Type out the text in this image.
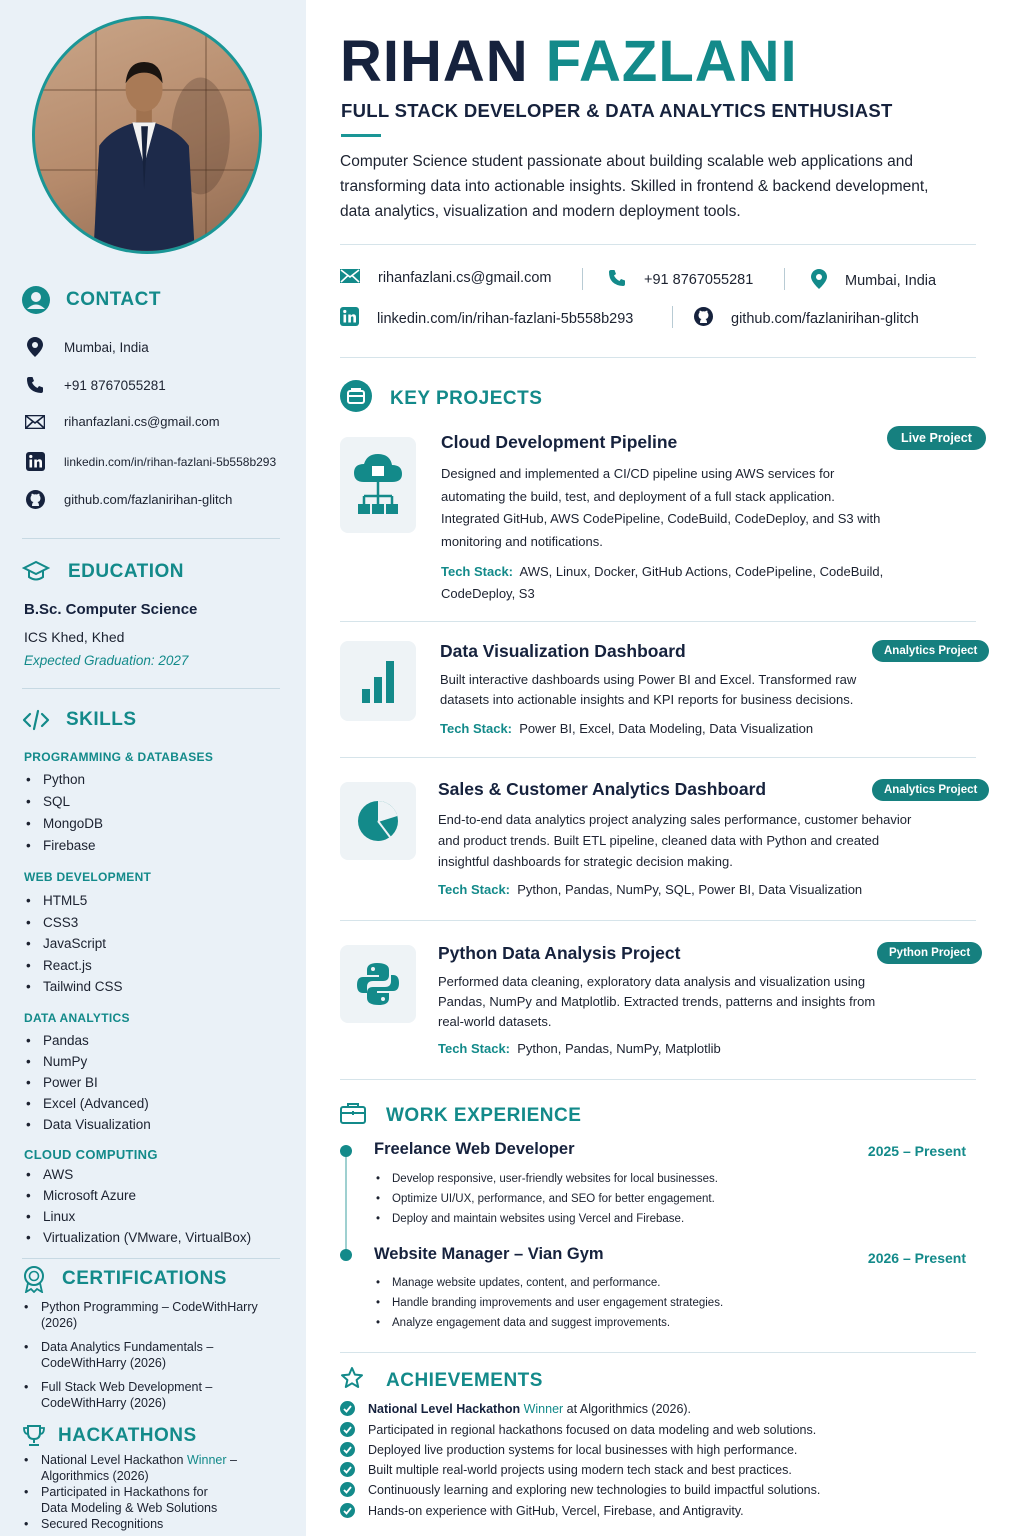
CONTACT
Mumbai, India
+91 8767055281
rihanfazlani.cs@gmail.com
linkedin.com/in/rihan-fazlani-5b558b293
github.com/fazlanirihan-glitch
EDUCATION
B.Sc. Computer Science
ICS Khed, Khed
Expected Graduation: 2027
SKILLS
PROGRAMMING & DATABASES
• Python
• SQL
• MongoDB
• Firebase
WEB DEVELOPMENT
• HTML5
• CSS3
• JavaScript
• React.js
• Tailwind CSS
DATA ANALYTICS
• Pandas
• NumPy
• Power BI
• Excel (Advanced)
• Data Visualization
CLOUD COMPUTING
• AWS
• Microsoft Azure
• Linux
• Virtualization (VMware, VirtualBox)
CERTIFICATIONS
• Python Programming – CodeWithHarry (2026)
• Data Analytics Fundamentals – CodeWithHarry (2026)
• Full Stack Web Development – CodeWithHarry (2026)
HACKATHONS
• National Level Hackathon Winner – Algorithmics (2026)
• Participated in Hackathons for Data Modeling & Web Solutions
• Secured Recognitions
RIHAN FAZLANI
FULL STACK DEVELOPER & DATA ANALYTICS ENTHUSIAST
Computer Science student passionate about building scalable web applications and transforming data into actionable insights. Skilled in frontend & backend development, data analytics, visualization and modern deployment tools.
rihanfazlani.cs@gmail.com	+91 8767055281	Mumbai, India
linkedin.com/in/rihan-fazlani-5b558b293	github.com/fazlanirihan-glitch
KEY PROJECTS
Cloud Development Pipeline	Live Project
Designed and implemented a CI/CD pipeline using AWS services for automating the build, test, and deployment of a full stack application. Integrated GitHub, AWS CodePipeline, CodeBuild, CodeDeploy, and S3 with monitoring and notifications.
Tech Stack: AWS, Linux, Docker, GitHub Actions, CodePipeline, CodeBuild, CodeDeploy, S3
Data Visualization Dashboard	Analytics Project
Built interactive dashboards using Power BI and Excel. Transformed raw datasets into actionable insights and KPI reports for business decisions.
Tech Stack: Power BI, Excel, Data Modeling, Data Visualization
Sales & Customer Analytics Dashboard	Analytics Project
End-to-end data analytics project analyzing sales performance, customer behavior and product trends. Built ETL pipeline, cleaned data with Python and created insightful dashboards for strategic decision making.
Tech Stack: Python, Pandas, NumPy, SQL, Power BI, Data Visualization
Python Data Analysis Project	Python Project
Performed data cleaning, exploratory data analysis and visualization using Pandas, NumPy and Matplotlib. Extracted trends, patterns and insights from real-world datasets.
Tech Stack: Python, Pandas, NumPy, Matplotlib
WORK EXPERIENCE
Freelance Web Developer	2025 – Present
• Develop responsive, user-friendly websites for local businesses.
• Optimize UI/UX, performance, and SEO for better engagement.
• Deploy and maintain websites using Vercel and Firebase.
Website Manager – Vian Gym	2026 – Present
• Manage website updates, content, and performance.
• Handle branding improvements and user engagement strategies.
• Analyze engagement data and suggest improvements.
ACHIEVEMENTS
National Level Hackathon Winner at Algorithmics (2026).
Participated in regional hackathons focused on data modeling and web solutions.
Deployed live production systems for local businesses with high performance.
Built multiple real-world projects using modern tech stack and best practices.
Continuously learning and exploring new technologies to build impactful solutions.
Hands-on experience with GitHub, Vercel, Firebase, and Antigravity.
